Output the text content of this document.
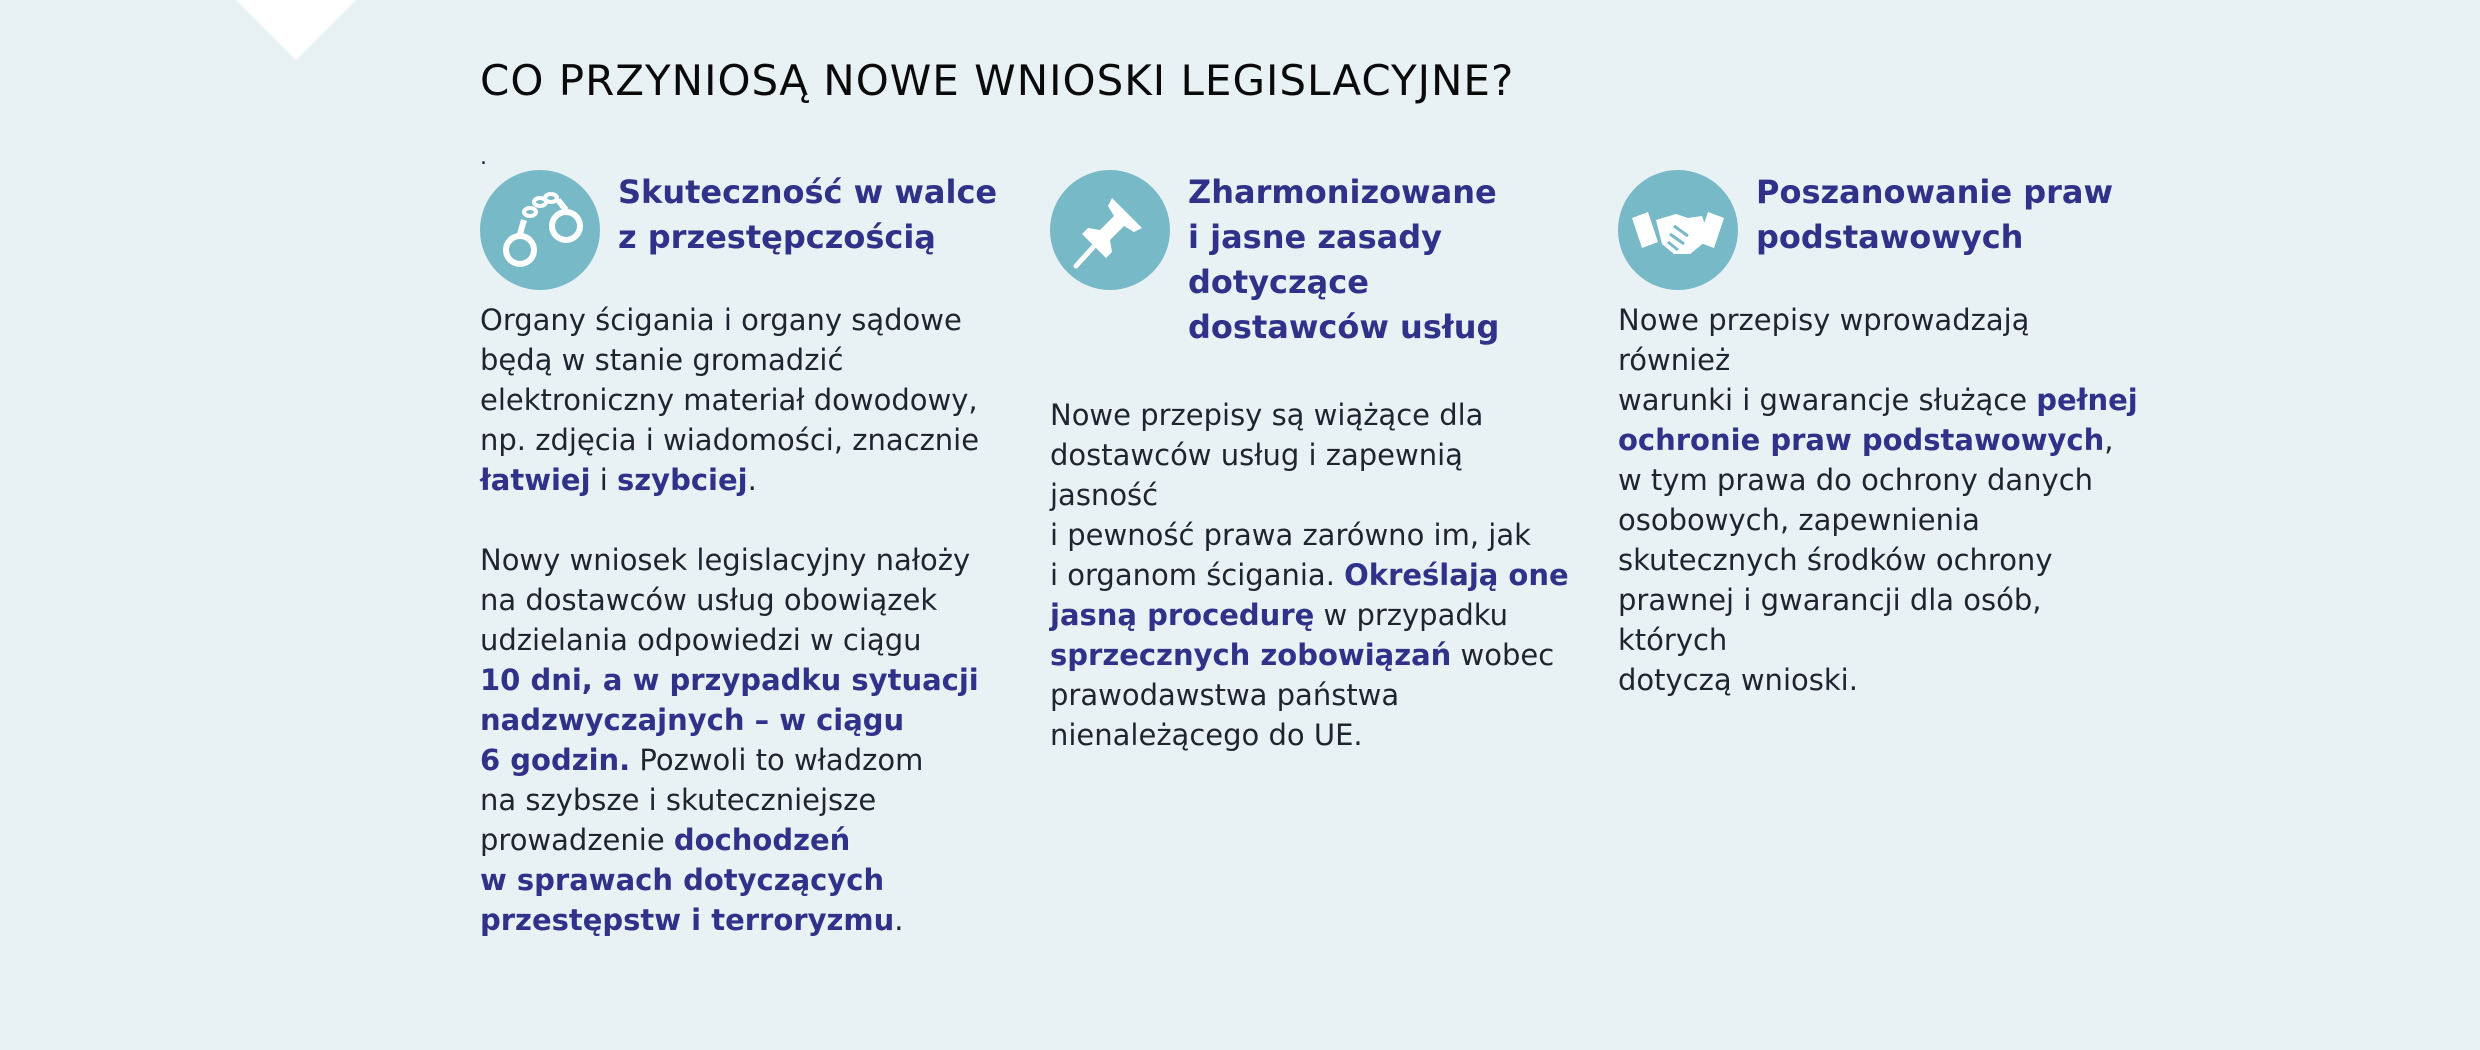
CO PRZYNIOSĄ NOWE WNIOSKI LEGISLACYJNE?
.
Skuteczność w walce
z przestępczością

Organy ścigania i organy sądowe
będą w stanie gromadzić
elektroniczny materiał dowodowy,
np. zdjęcia i wiadomości, znacznie
łatwiej i szybciej.

Nowy wniosek legislacyjny nałoży
na dostawców usług obowiązek
udzielania odpowiedzi w ciągu
10 dni, a w przypadku sytuacji
nadzwyczajnych – w ciągu
6 godzin. Pozwoli to władzom
na szybsze i skuteczniejsze
prowadzenie dochodzeń
w sprawach dotyczących
przestępstw i terroryzmu.

Zharmonizowane
i jasne zasady
dotyczące
dostawców usług

Nowe przepisy są wiążące dla
dostawców usług i zapewnią jasność
i pewność prawa zarówno im, jak
i organom ścigania. Określają one
jasną procedurę w przypadku
sprzecznych zobowiązań wobec
prawodawstwa państwa
nienależącego do UE.

Poszanowanie praw
podstawowych

Nowe przepisy wprowadzają również
warunki i gwarancje służące pełnej
ochronie praw podstawowych,
w tym prawa do ochrony danych
osobowych, zapewnienia
skutecznych środków ochrony
prawnej i gwarancji dla osób, których
dotyczą wnioski.
